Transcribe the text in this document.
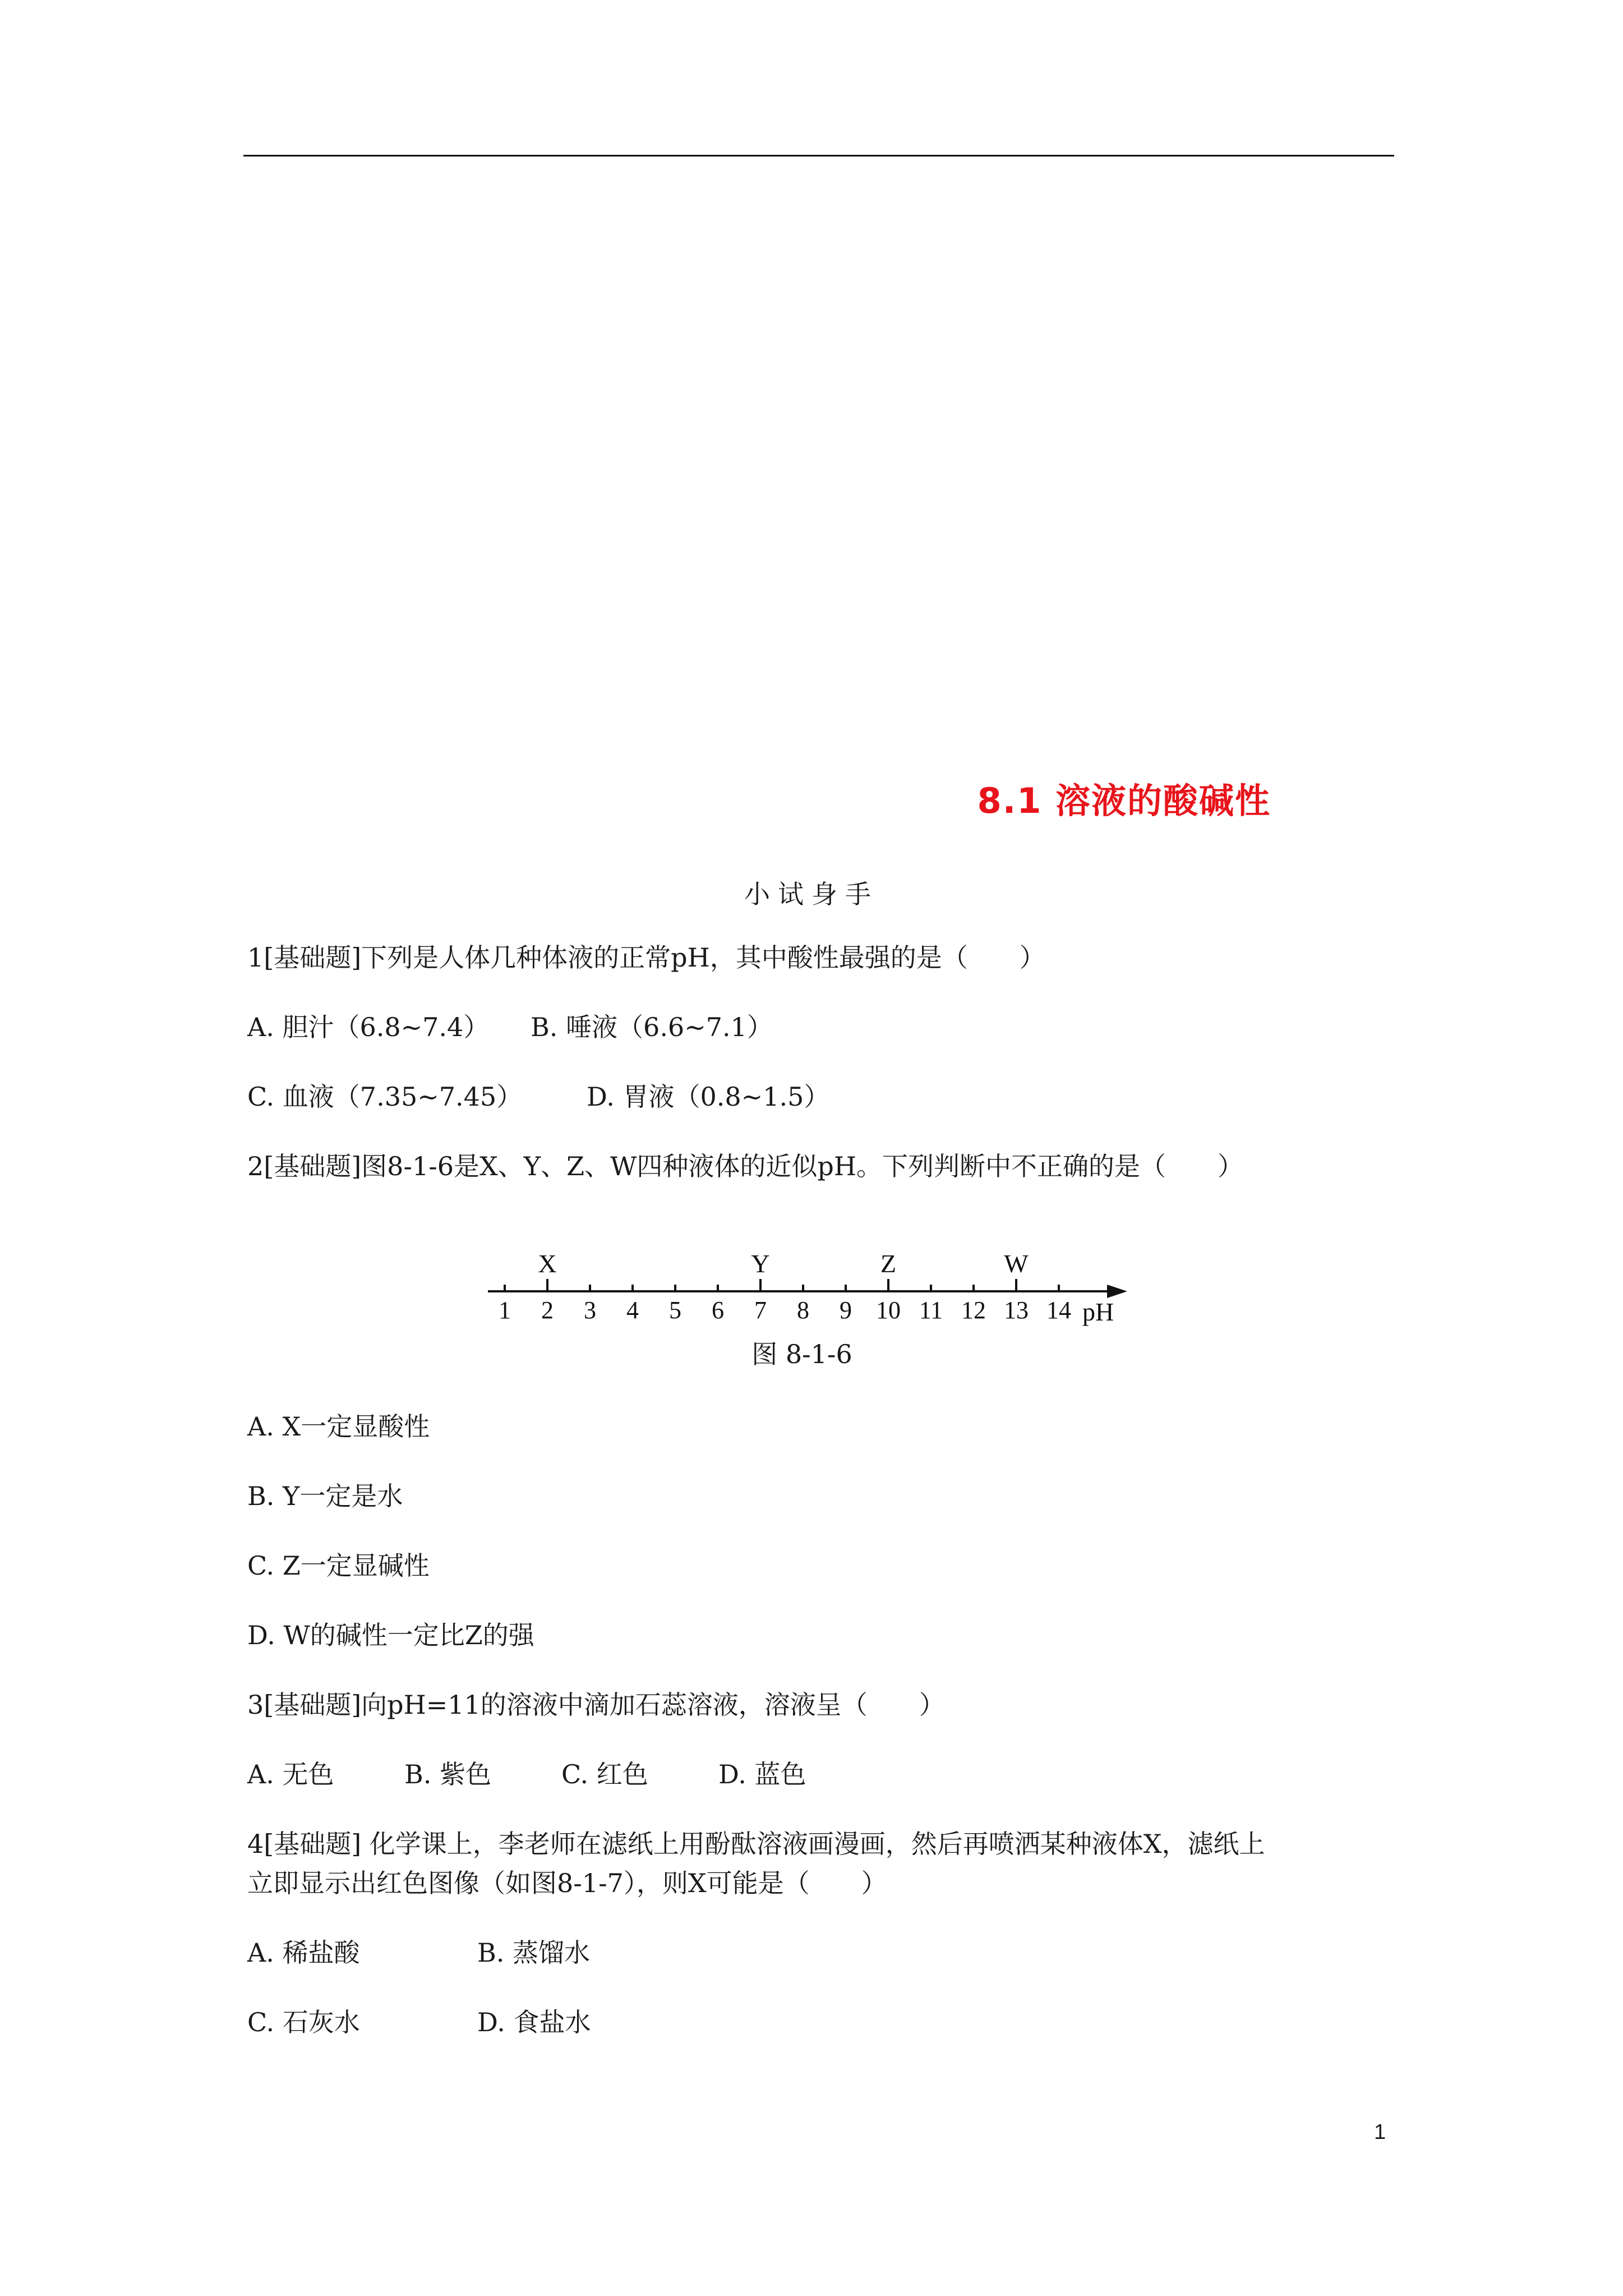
8.1 溶液的酸碱性
小试身手
1[基础题]下列是人体几种体液的正常pH，其中酸性最强的是（　　）
A. 胆汁（6.8~7.4） B. 唾液（6.6~7.1）
C. 血液（7.35~7.45） D. 胃液（0.8~1.5）
2[基础题]图8-1-6是X、Y、Z、W四种液体的近似pH。下列判断中不正确的是（　　）
1 2 3 4 5 6 7 8 9 10 11 12 13 14 pH
X	Y	Z	W
图 8-1-6
A. X一定显酸性
B. Y一定是水
C. Z一定显碱性
D. W的碱性一定比Z的强
3[基础题]向pH=11的溶液中滴加石蕊溶液，溶液呈（　　）
A. 无色	B. 紫色	C. 红色	D. 蓝色
4[基础题] 化学课上，李老师在滤纸上用酚酞溶液画漫画，然后再喷洒某种液体X，滤纸上
立即显示出红色图像（如图8-1-7），则X可能是（　　）
A. 稀盐酸	B. 蒸馏水
C. 石灰水	D. 食盐水
1
